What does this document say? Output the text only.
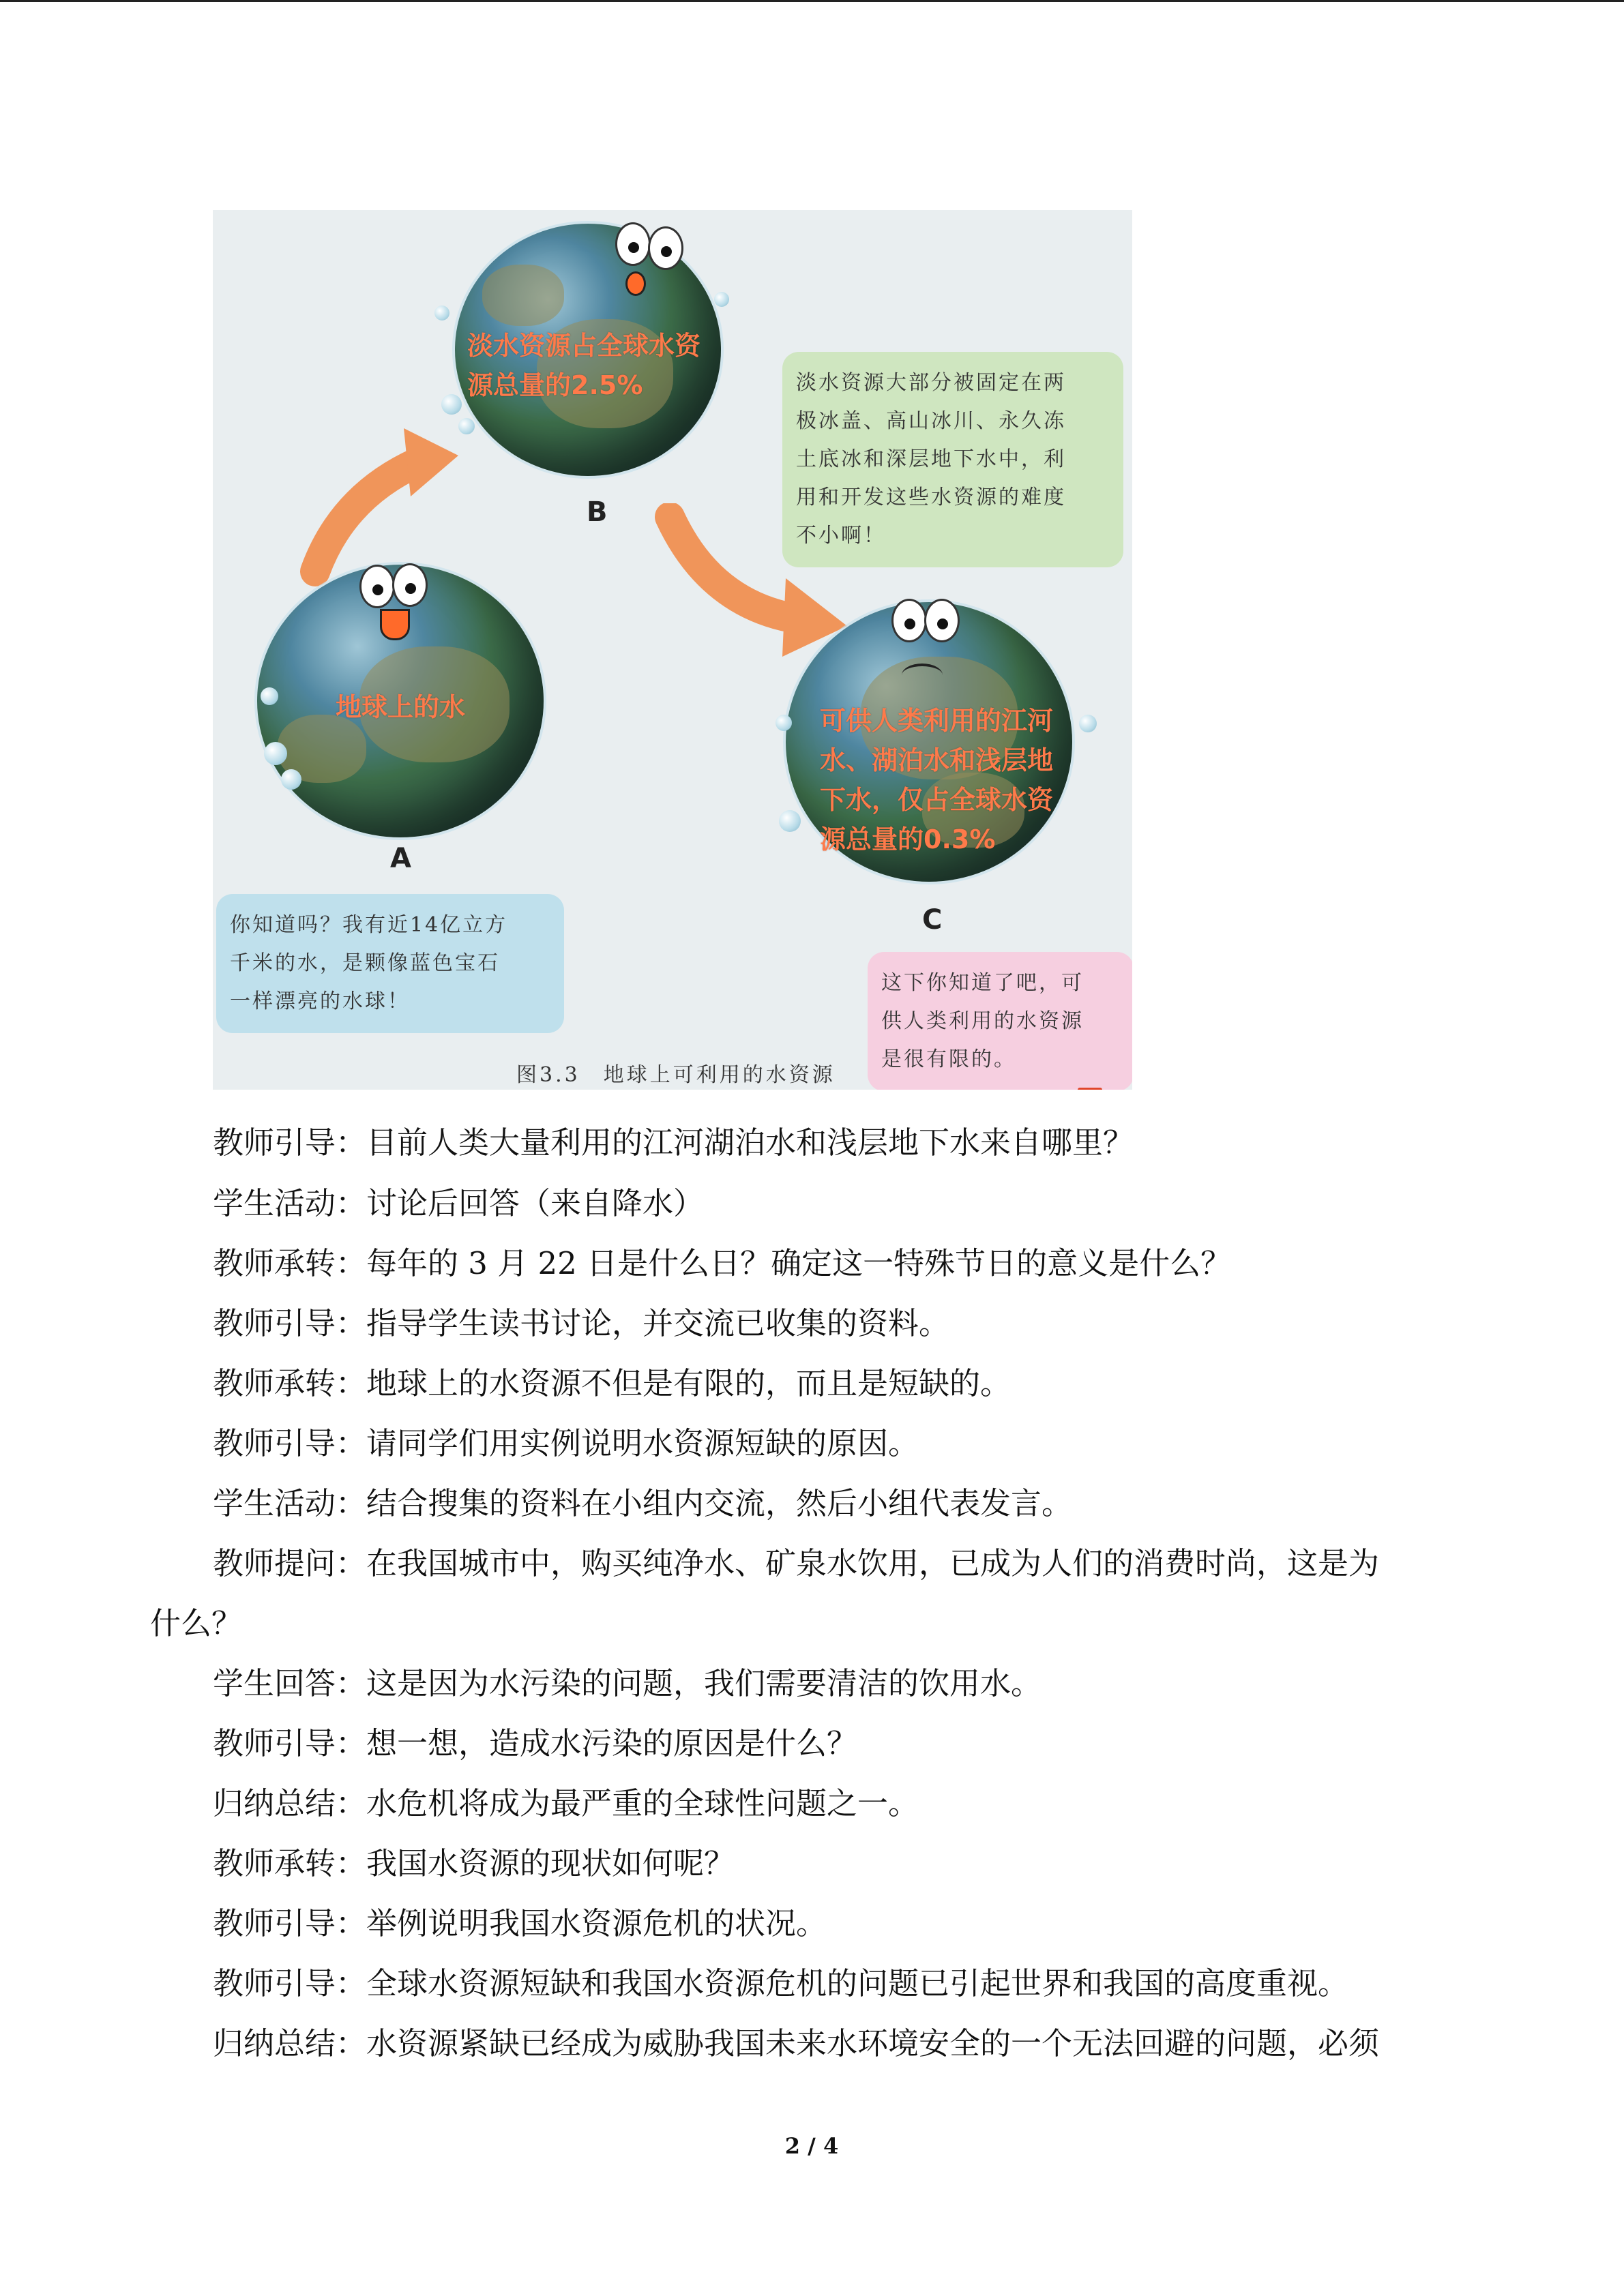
淡水资源占全球水资
源总量的2.5%
B
地球上的水
A
可供人类利用的江河
水、湖泊水和浅层地
下水，仅占全球水资
源总量的0.3%
C
淡水资源大部分被固定在两
极冰盖、高山冰川、永久冻
土底冰和深层地下水中，利
用和开发这些水资源的难度
不小啊！
你知道吗？我有近14亿立方
千米的水，是颗像蓝色宝石
一样漂亮的水球！
这下你知道了吧，可
供人类利用的水资源
是很有限的。
图3.3　地球上可利用的水资源
教师引导：目前人类大量利用的江河湖泊水和浅层地下水来自哪里？
学生活动：讨论后回答（来自降水）
教师承转：每年的 3 月 22 日是什么日？确定这一特殊节日的意义是什么？
教师引导：指导学生读书讨论，并交流已收集的资料。
教师承转：地球上的水资源不但是有限的，而且是短缺的。
教师引导：请同学们用实例说明水资源短缺的原因。
学生活动：结合搜集的资料在小组内交流，然后小组代表发言。
教师提问：在我国城市中，购买纯净水、矿泉水饮用，已成为人们的消费时尚，这是为
什么？
学生回答：这是因为水污染的问题，我们需要清洁的饮用水。
教师引导：想一想，造成水污染的原因是什么？
归纳总结：水危机将成为最严重的全球性问题之一。
教师承转：我国水资源的现状如何呢？
教师引导：举例说明我国水资源危机的状况。
教师引导：全球水资源短缺和我国水资源危机的问题已引起世界和我国的高度重视。
归纳总结：水资源紧缺已经成为威胁我国未来水环境安全的一个无法回避的问题，必须
2 / 4
